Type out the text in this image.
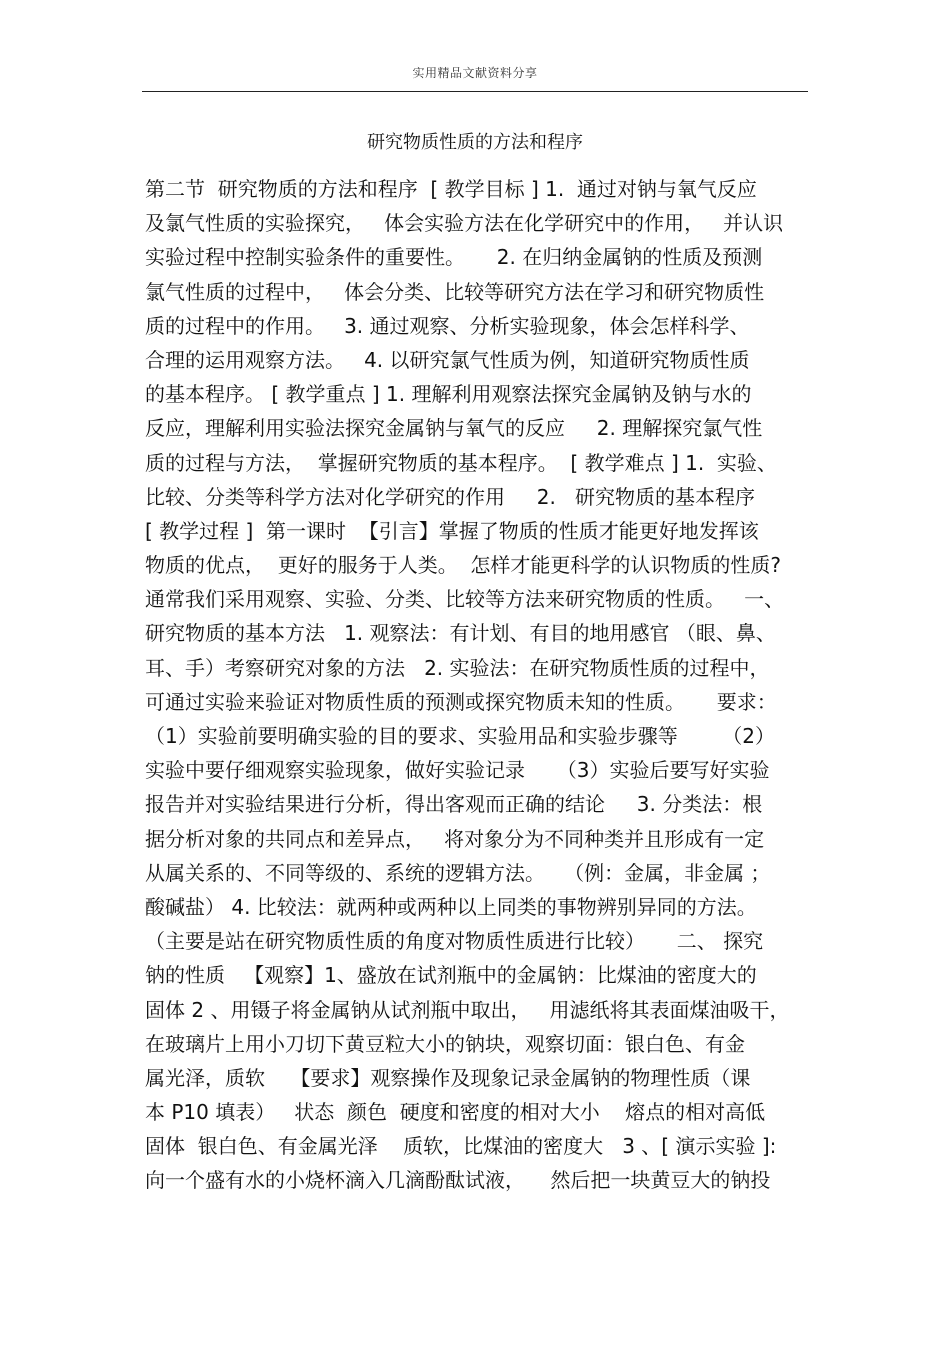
实用精品文献资料分享
研究物质性质的方法和程序
第二节  研究物质的方法和程序  [ 教学目标 ] 1.  通过对钠与氧气反应
及氯气性质的实验探究，   体会实验方法在化学研究中的作用，   并认识
实验过程中控制实验条件的重要性。     2. 在归纳金属钠的性质及预测
氯气性质的过程中，   体会分类、比较等研究方法在学习和研究物质性
质的过程中的作用。   3. 通过观察、分析实验现象，体会怎样科学、
合理的运用观察方法。   4. 以研究氯气性质为例，知道研究物质性质
的基本程序。 [ 教学重点 ] 1. 理解利用观察法探究金属钠及钠与水的
反应，理解利用实验法探究金属钠与氧气的反应     2. 理解探究氯气性
质的过程与方法，  掌握研究物质的基本程序。  [ 教学难点 ] 1.  实验、
比较、分类等科学方法对化学研究的作用     2.   研究物质的基本程序
[ 教学过程 ]  第一课时  【引言】掌握了物质的性质才能更好地发挥该
物质的优点，  更好的服务于人类。  怎样才能更科学的认识物质的性质?
通常我们采用观察、实验、分类、比较等方法来研究物质的性质。   一、
研究物质的基本方法   1. 观察法：有计划、有目的地用感官 （眼、鼻、
耳、手）考察研究对象的方法   2. 实验法：在研究物质性质的过程中，
可通过实验来验证对物质性质的预测或探究物质未知的性质。     要求：
（1）实验前要明确实验的目的要求、实验用品和实验步骤等       （2）
实验中要仔细观察实验现象，做好实验记录     （3）实验后要写好实验
报告并对实验结果进行分析，得出客观而正确的结论     3. 分类法：根
据分析对象的共同点和差异点，   将对象分为不同种类并且形成有一定
从属关系的、不同等级的、系统的逻辑方法。   （例：金属，非金属 ；
酸碱盐） 4. 比较法：就两种或两种以上同类的事物辨别异同的方法。
（主要是站在研究物质性质的角度对物质性质进行比较）     二、 探究
钠的性质   【观察】1、盛放在试剂瓶中的金属钠：比煤油的密度大的
固体 2 、用镊子将金属钠从试剂瓶中取出，   用滤纸将其表面煤油吸干，
在玻璃片上用小刀切下黄豆粒大小的钠块，观察切面：银白色、有金
属光泽，质软    【要求】观察操作及现象记录金属钠的物理性质（课
本 P10 填表）   状态  颜色  硬度和密度的相对大小    熔点的相对高低
固体  银白色、有金属光泽    质软，比煤油的密度大   3 、[ 演示实验 ]:
向一个盛有水的小烧杯滴入几滴酚酞试液，    然后把一块黄豆大的钠投
